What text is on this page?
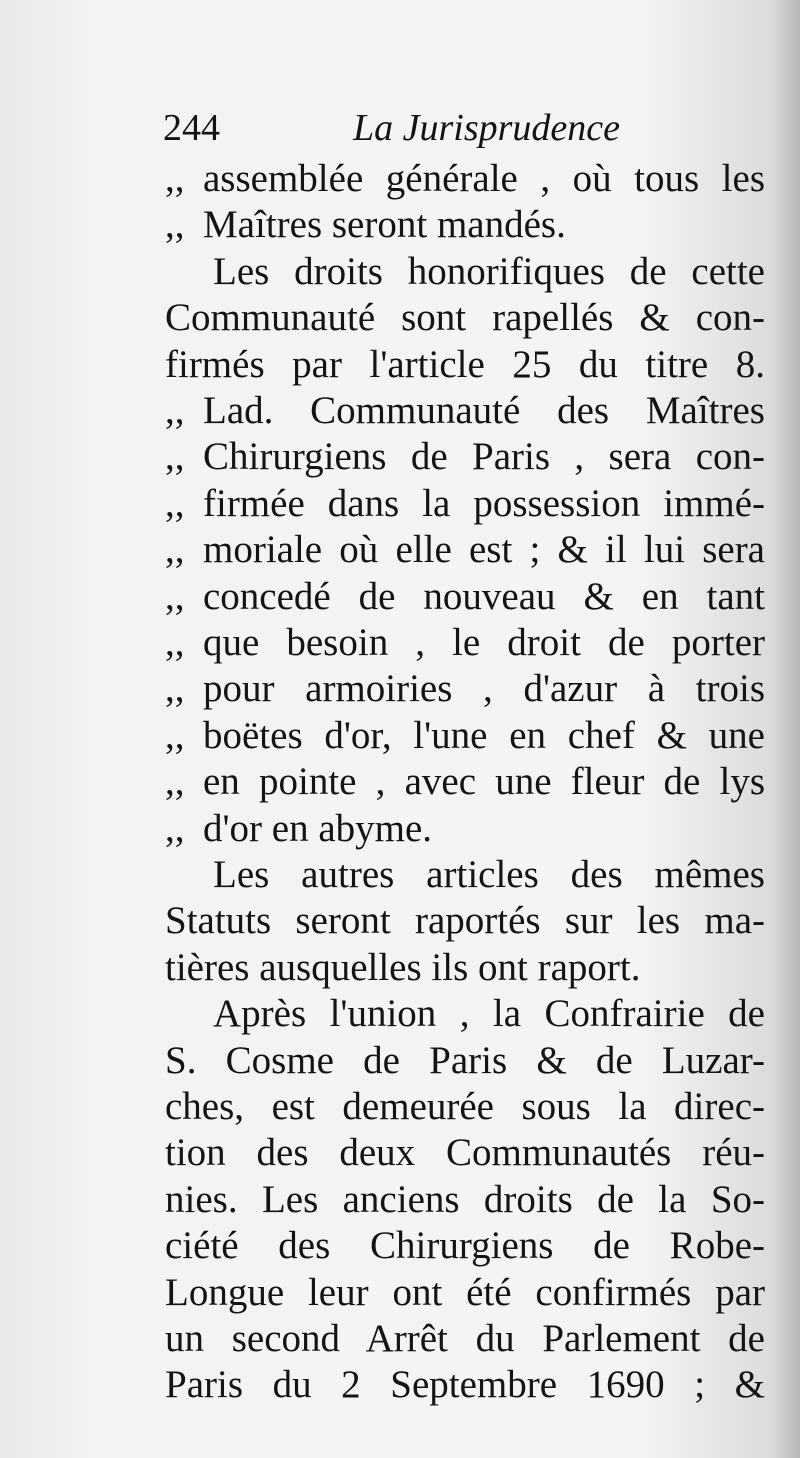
244	La Jurisprudence
,, assemblée générale , où tous les
,, Maîtres seront mandés.
Les droits honorifiques de cette
Communauté sont rapellés & con-
firmés par l'article 25 du titre 8.
,, Lad. Communauté des Maîtres
,, Chirurgiens de Paris , sera con-
,, firmée dans la possession immé-
,, moriale où elle est ; & il lui sera
,, concedé de nouveau & en tant
,, que besoin , le droit de porter
,, pour armoiries , d'azur à trois
,, boëtes d'or, l'une en chef & une
,, en pointe , avec une fleur de lys
,, d'or en abyme.
Les autres articles des mêmes
Statuts seront raportés sur les ma-
tières ausquelles ils ont raport.
Après l'union , la Confrairie de
S. Cosme de Paris & de Luzar-
ches, est demeurée sous la direc-
tion des deux Communautés réu-
nies. Les anciens droits de la So-
ciété des Chirurgiens de Robe-
Longue leur ont été confirmés par
un second Arrêt du Parlement de
Paris du 2 Septembre 1690 ; &
